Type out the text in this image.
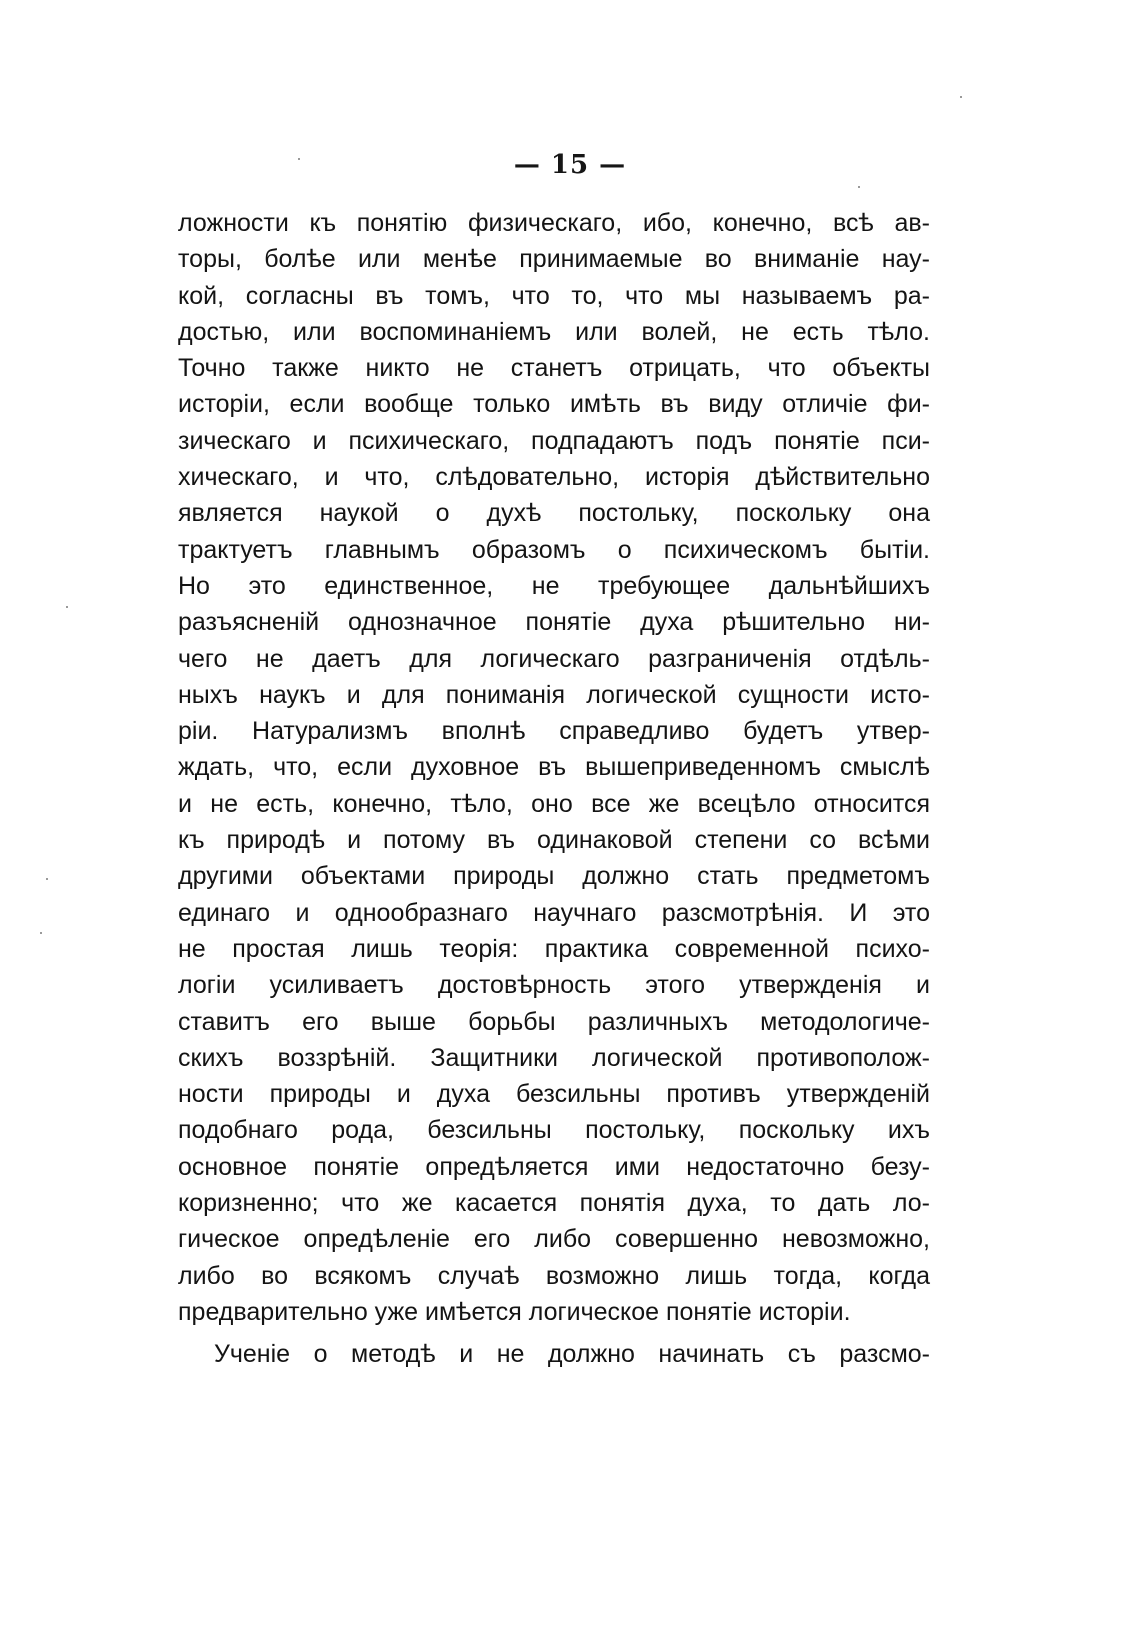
— 15 —
ложности къ понятію физическаго, ибо, конечно, всѣ ав-
торы, болѣе или менѣе принимаемые во вниманіе нау-
кой, согласны въ томъ, что то, что мы называемъ ра-
достью, или воспоминаніемъ или волей, не есть тѣло.
Точно также никто не станетъ отрицать, что объекты
исторіи, если вообще только имѣть въ виду отличіе фи-
зическаго и психическаго, подпадаютъ подъ понятіе пси-
хическаго, и что, слѣдовательно, исторія дѣйствительно
является наукой о духѣ постольку, поскольку она
трактуетъ главнымъ образомъ о психическомъ бытіи.
Но это единственное, не требующее дальнѣйшихъ
разъясненій однозначное понятіе духа рѣшительно ни-
чего не даетъ для логическаго разграниченія отдѣль-
ныхъ наукъ и для пониманія логической сущности исто-
ріи. Натурализмъ вполнѣ справедливо будетъ утвер-
ждать, что, если духовное въ вышеприведенномъ смыслѣ
и не есть, конечно, тѣло, оно все же всецѣло относится
къ природѣ и потому въ одинаковой степени со всѣми
другими объектами природы должно стать предметомъ
единаго и однообразнаго научнаго разсмотрѣнія. И это
не простая лишь теорія: практика современной психо-
логіи усиливаетъ достовѣрность этого утвержденія и
ставитъ его выше борьбы различныхъ методологиче-
скихъ воззрѣній. Защитники логической противополож-
ности природы и духа безсильны противъ утвержденій
подобнаго рода, безсильны постольку, поскольку ихъ
основное понятіе опредѣляется ими недостаточно безу-
коризненно; что же касается понятія духа, то дать ло-
гическое опредѣленіе его либо совершенно невозможно,
либо во всякомъ случаѣ возможно лишь тогда, когда
предварительно уже имѣется логическое понятіе исторіи.
Ученіе о методѣ и не должно начинать съ разсмо-
